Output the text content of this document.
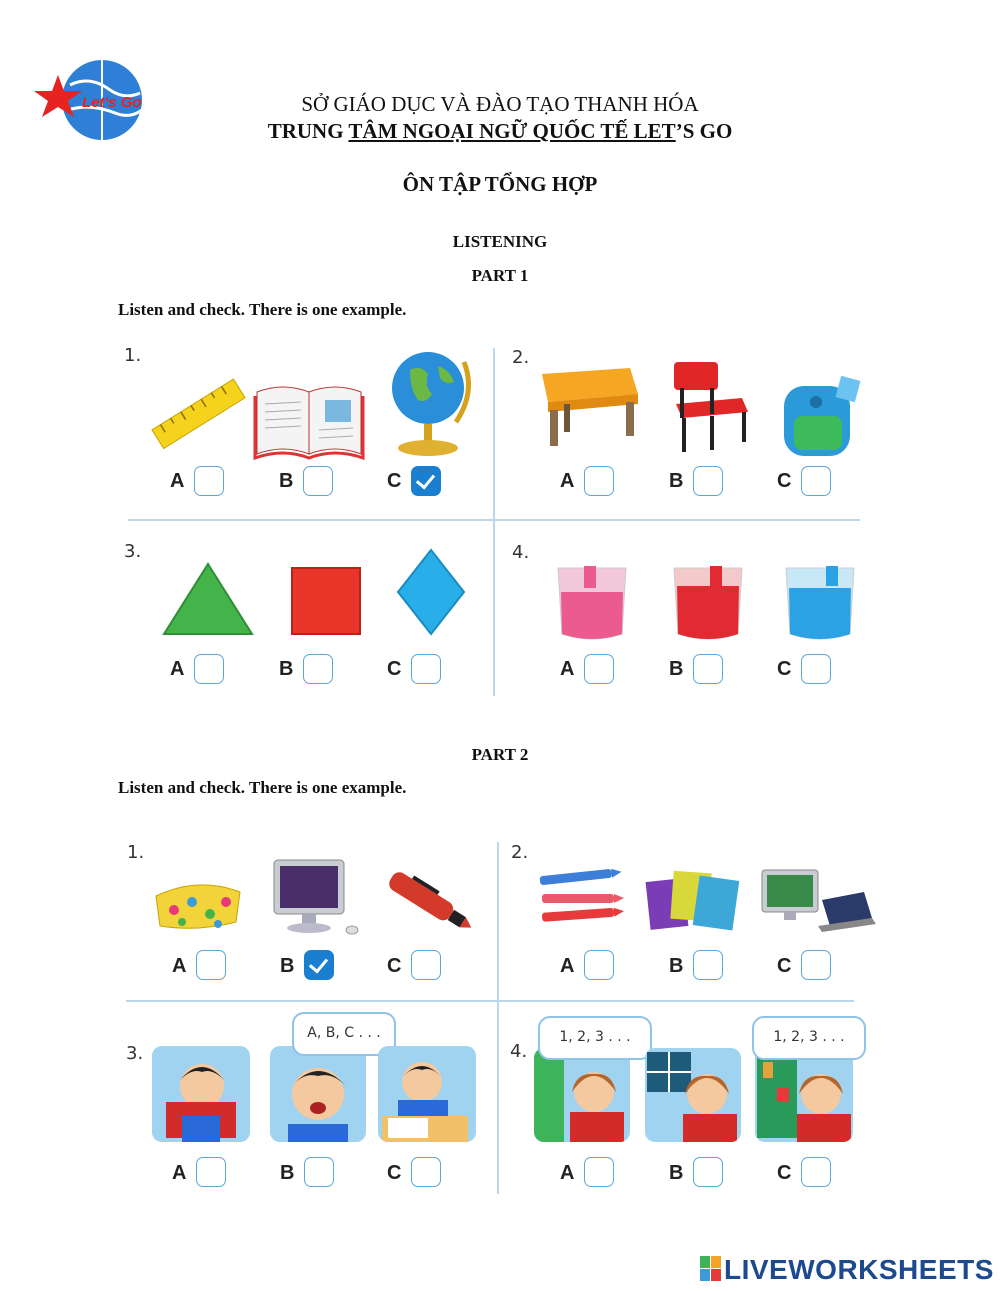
Let's Go	SỞ GIÁO DỤC VÀ ĐÀO TẠO THANH HÓA
TRUNG TÂM NGOẠI NGỮ QUỐC TẾ LET’S GO
ÔN TẬP TỔNG HỢP
LISTENING
PART 1
Listen and check. There is one example.
1.
A	B	C
2.
A	B	C
3.
A	B	C
4.
A	B	C
PART 2
Listen and check. There is one example.
1.
A	B	C
2.
A	B	C
3.
A, B, C . . .
A	B	C
4.
1, 2, 3 . . .	1, 2, 3 . . .
A	B	C
LIVEWORKSHEETS
